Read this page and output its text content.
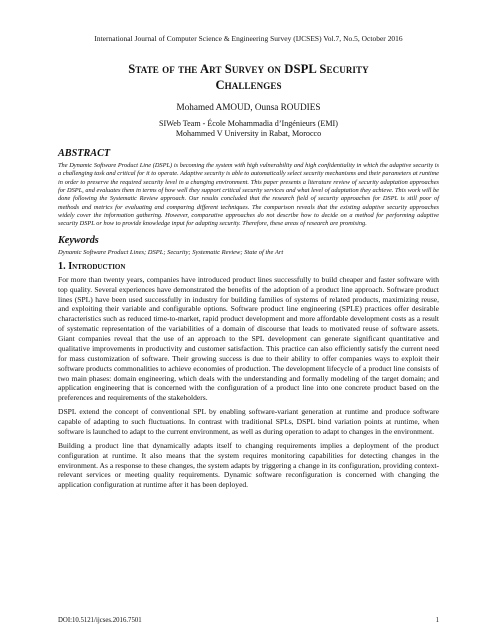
International Journal of Computer Science & Engineering Survey (IJCSES) Vol.7, No.5, October 2016
State of the Art Survey on DSPL Security
Challenges
Mohamed AMOUD, Ounsa ROUDIES
SIWeb Team - École Mohammadia d’Ingénieurs (EMI)
Mohammed V University in Rabat, Morocco
ABSTRACT

The Dynamic Software Product Line (DSPL) is becoming the system with high vulnerability and high confidentiality in which the adaptive security is a challenging task and critical for it to operate. Adaptive security is able to automatically select security mechanisms and their parameters at runtime in order to preserve the required security level in a changing environment. This paper presents a literature review of security adaptation approaches for DSPL, and evaluates them in terms of how well they support critical security services and what level of adaptation they achieve. This work will be done following the Systematic Review approach. Our results concluded that the research field of security approaches for DSPL is still poor of methods and metrics for evaluating and comparing different techniques. The comparison reveals that the existing adaptive security approaches widely cover the information gathering. However, comparative approaches do not describe how to decide on a method for performing adaptive security DSPL or how to provide knowledge input for adapting security. Therefore, these areas of research are promising.

Keywords

Dynamic Software Product Lines; DSPL; Security; Systematic Review; State of the Art

1. Introduction

For more than twenty years, companies have introduced product lines successfully to build cheaper and faster software with top quality. Several experiences have demonstrated the benefits of the adoption of a product line approach. Software product lines (SPL) have been used successfully in industry for building families of systems of related products, maximizing reuse, and exploiting their variable and configurable options. Software product line engineering (SPLE) practices offer desirable characteristics such as reduced time-to-market, rapid product development and more affordable development costs as a result of systematic representation of the variabilities of a domain of discourse that leads to motivated reuse of software assets. Giant companies reveal that the use of an approach to the SPL development can generate significant quantitative and qualitative improvements in productivity and customer satisfaction. This practice can also efficiently satisfy the current need for mass customization of software. Their growing success is due to their ability to offer companies ways to exploit their software products commonalities to achieve economies of production. The development lifecycle of a product line consists of two main phases: domain engineering, which deals with the understanding and formally modeling of the target domain; and application engineering that is concerned with the configuration of a product line into one concrete product based on the preferences and requirements of the stakeholders.

DSPL extend the concept of conventional SPL by enabling software-variant generation at runtime and produce software capable of adapting to such fluctuations. In contrast with traditional SPLs, DSPL bind variation points at runtime, when software is launched to adapt to the current environment, as well as during operation to adapt to changes in the environment.

Building a product line that dynamically adapts itself to changing requirements implies a deployment of the product configuration at runtime. It also means that the system requires monitoring capabilities for detecting changes in the environment. As a response to these changes, the system adapts by triggering a change in its configuration, providing context-relevant services or meeting quality requirements. Dynamic software reconfiguration is concerned with changing the application configuration at runtime after it has been deployed.

DOI:10.5121/ijcses.2016.7501	1
